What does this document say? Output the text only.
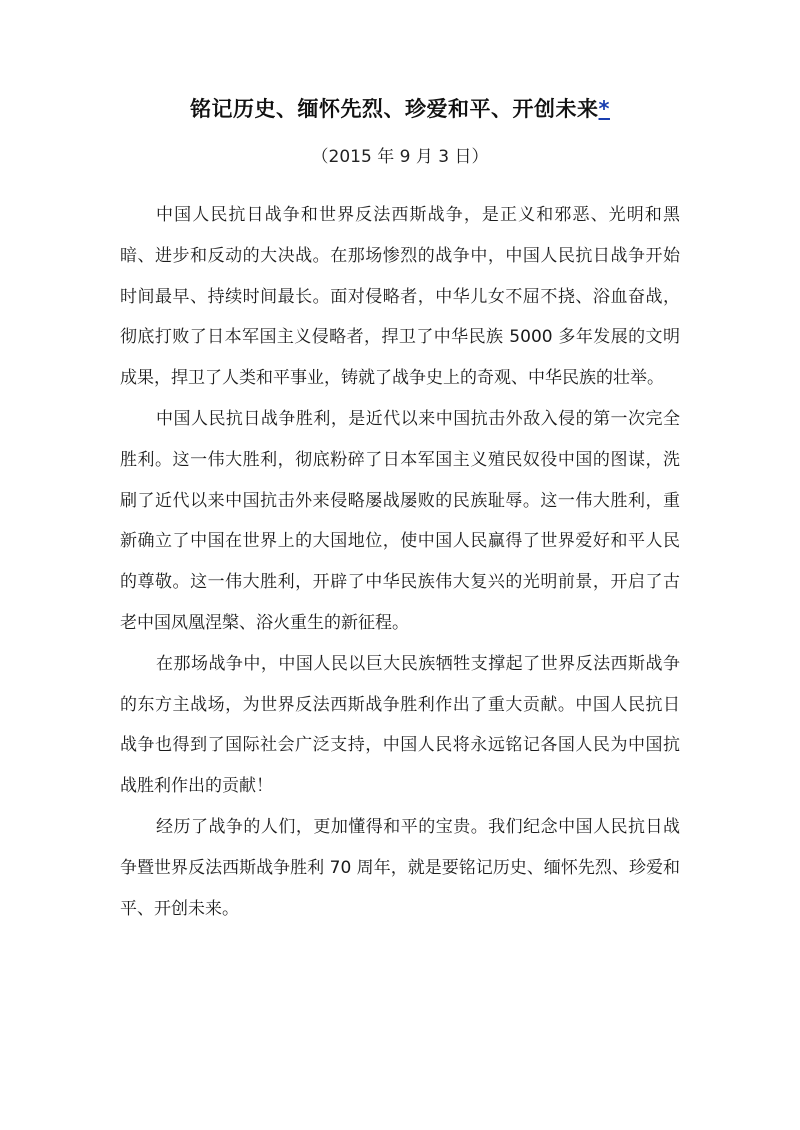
铭记历史、缅怀先烈、珍爱和平、开创未来*
（2015 年 9 月 3 日）

中国人民抗日战争和世界反法西斯战争，是正义和邪恶、光明和黑暗、进步和反动的大决战。在那场惨烈的战争中，中国人民抗日战争开始时间最早、持续时间最长。面对侵略者，中华儿女不屈不挠、浴血奋战，彻底打败了日本军国主义侵略者，捍卫了中华民族 5000 多年发展的文明成果，捍卫了人类和平事业，铸就了战争史上的奇观、中华民族的壮举。

中国人民抗日战争胜利，是近代以来中国抗击外敌入侵的第一次完全胜利。这一伟大胜利，彻底粉碎了日本军国主义殖民奴役中国的图谋，洗刷了近代以来中国抗击外来侵略屡战屡败的民族耻辱。这一伟大胜利，重新确立了中国在世界上的大国地位，使中国人民赢得了世界爱好和平人民的尊敬。这一伟大胜利，开辟了中华民族伟大复兴的光明前景，开启了古老中国凤凰涅槃、浴火重生的新征程。

在那场战争中，中国人民以巨大民族牺牲支撑起了世界反法西斯战争的东方主战场，为世界反法西斯战争胜利作出了重大贡献。中国人民抗日战争也得到了国际社会广泛支持，中国人民将永远铭记各国人民为中国抗战胜利作出的贡献！

经历了战争的人们，更加懂得和平的宝贵。我们纪念中国人民抗日战争暨世界反法西斯战争胜利 70 周年，就是要铭记历史、缅怀先烈、珍爱和平、开创未来。
